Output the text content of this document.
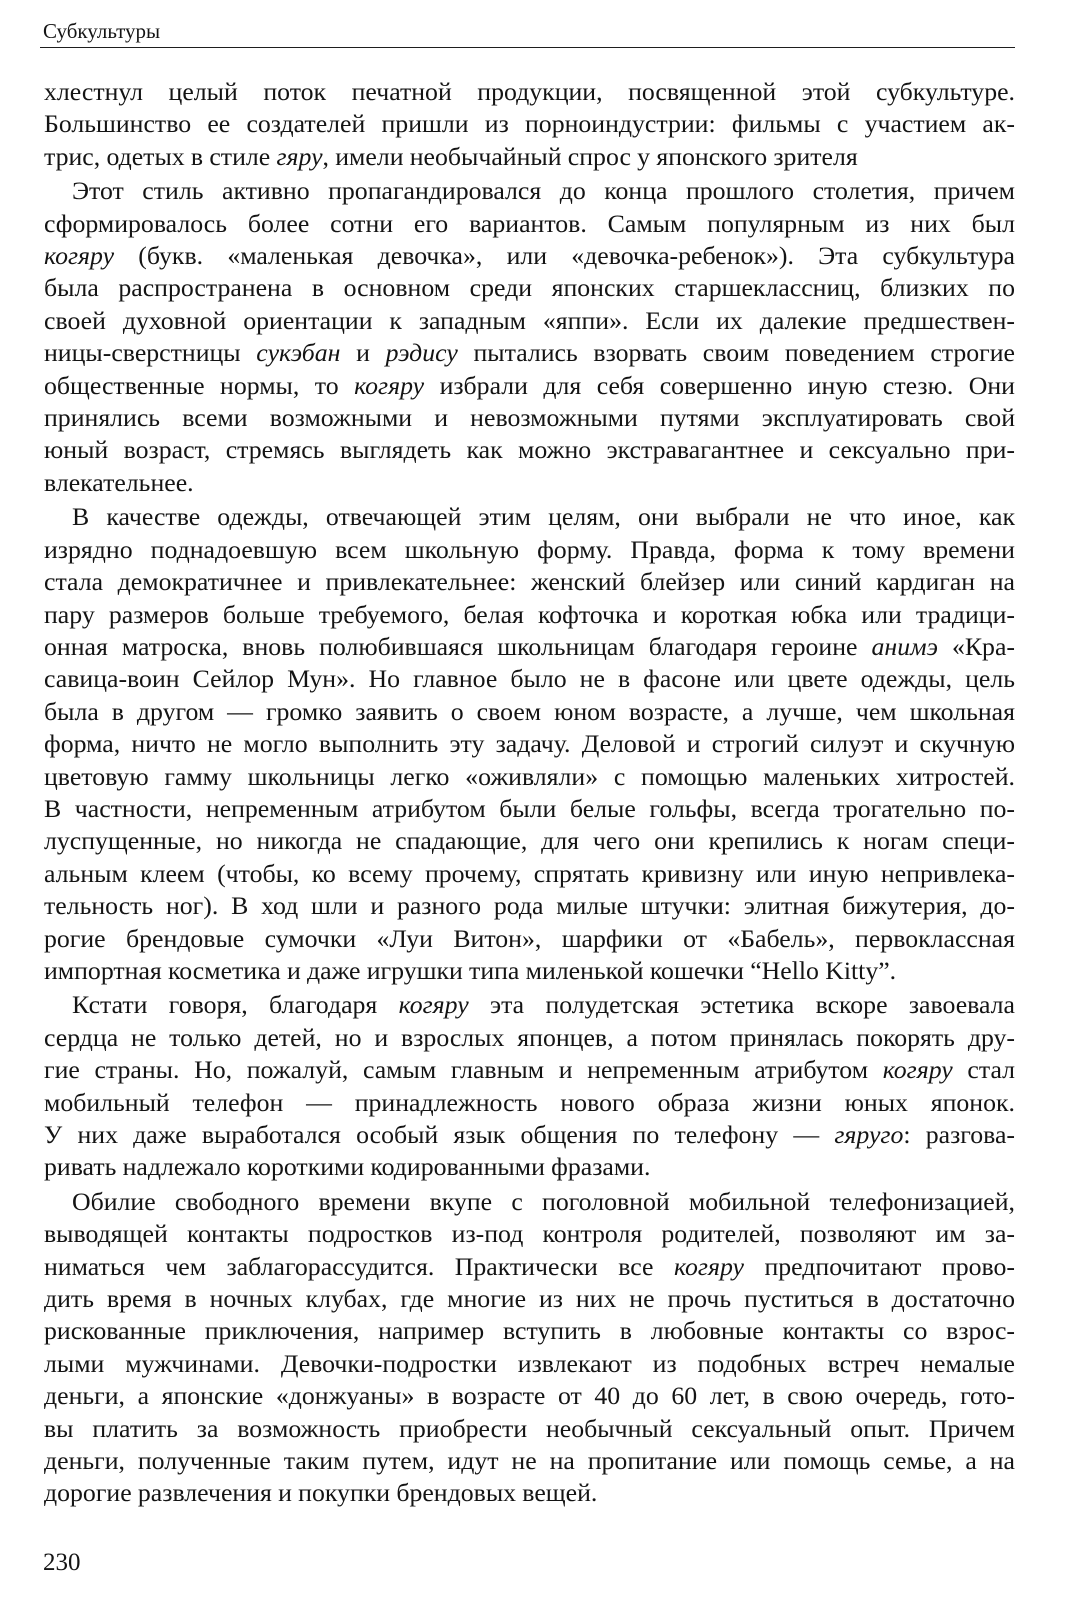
Субкультуры

хлестнул целый поток печатной продукции, посвященной этой субкультуре.
Большинство ее создателей пришли из порноиндустрии: фильмы с участием ак-
трис, одетых в стиле гяру, имели необычайный спрос у японского зрителя

Этот стиль активно пропагандировался до конца прошлого столетия, причем
сформировалось более сотни его вариантов. Самым популярным из них был
когяру (букв. «маленькая девочка», или «девочка-ребенок»). Эта субкультура
была распространена в основном среди японских старшеклассниц, близких по
своей духовной ориентации к западным «яппи». Если их далекие предшествен-
ницы-сверстницы сукэбан и рэдису пытались взорвать своим поведением строгие
общественные нормы, то когяру избрали для себя совершенно иную стезю. Они
принялись всеми возможными и невозможными путями эксплуатировать свой
юный возраст, стремясь выглядеть как можно экстравагантнее и сексуально при-
влекательнее.

В качестве одежды, отвечающей этим целям, они выбрали не что иное, как
изрядно поднадоевшую всем школьную форму. Правда, форма к тому времени
стала демократичнее и привлекательнее: женский блейзер или синий кардиган на
пару размеров больше требуемого, белая кофточка и короткая юбка или традици-
онная матроска, вновь полюбившаяся школьницам благодаря героине анимэ «Кра-
савица-воин Сейлор Мун». Но главное было не в фасоне или цвете одежды, цель
была в другом — громко заявить о своем юном возрасте, а лучше, чем школьная
форма, ничто не могло выполнить эту задачу. Деловой и строгий силуэт и скучную
цветовую гамму школьницы легко «оживляли» с помощью маленьких хитростей.
В частности, непременным атрибутом были белые гольфы, всегда трогательно по-
луспущенные, но никогда не спадающие, для чего они крепились к ногам специ-
альным клеем (чтобы, ко всему прочему, спрятать кривизну или иную непривлека-
тельность ног). В ход шли и разного рода милые штучки: элитная бижутерия, до-
рогие брендовые сумочки «Луи Витон», шарфики от «Бабель», первоклассная
импортная косметика и даже игрушки типа миленькой кошечки “Hello Kitty”.

Кстати говоря, благодаря когяру эта полудетская эстетика вскоре завоевала
сердца не только детей, но и взрослых японцев, а потом принялась покорять дру-
гие страны. Но, пожалуй, самым главным и непременным атрибутом когяру стал
мобильный телефон — принадлежность нового образа жизни юных японок.
У них даже выработался особый язык общения по телефону — гяруго: разгова-
ривать надлежало короткими кодированными фразами.

Обилие свободного времени вкупе с поголовной мобильной телефонизацией,
выводящей контакты подростков из-под контроля родителей, позволяют им за-
ниматься чем заблагорассудится. Практически все когяру предпочитают прово-
дить время в ночных клубах, где многие из них не прочь пуститься в достаточно
рискованные приключения, например вступить в любовные контакты со взрос-
лыми мужчинами. Девочки-подростки извлекают из подобных встреч немалые
деньги, а японские «донжуаны» в возрасте от 40 до 60 лет, в свою очередь, гото-
вы платить за возможность приобрести необычный сексуальный опыт. Причем
деньги, полученные таким путем, идут не на пропитание или помощь семье, а на
дорогие развлечения и покупки брендовых вещей.

230
